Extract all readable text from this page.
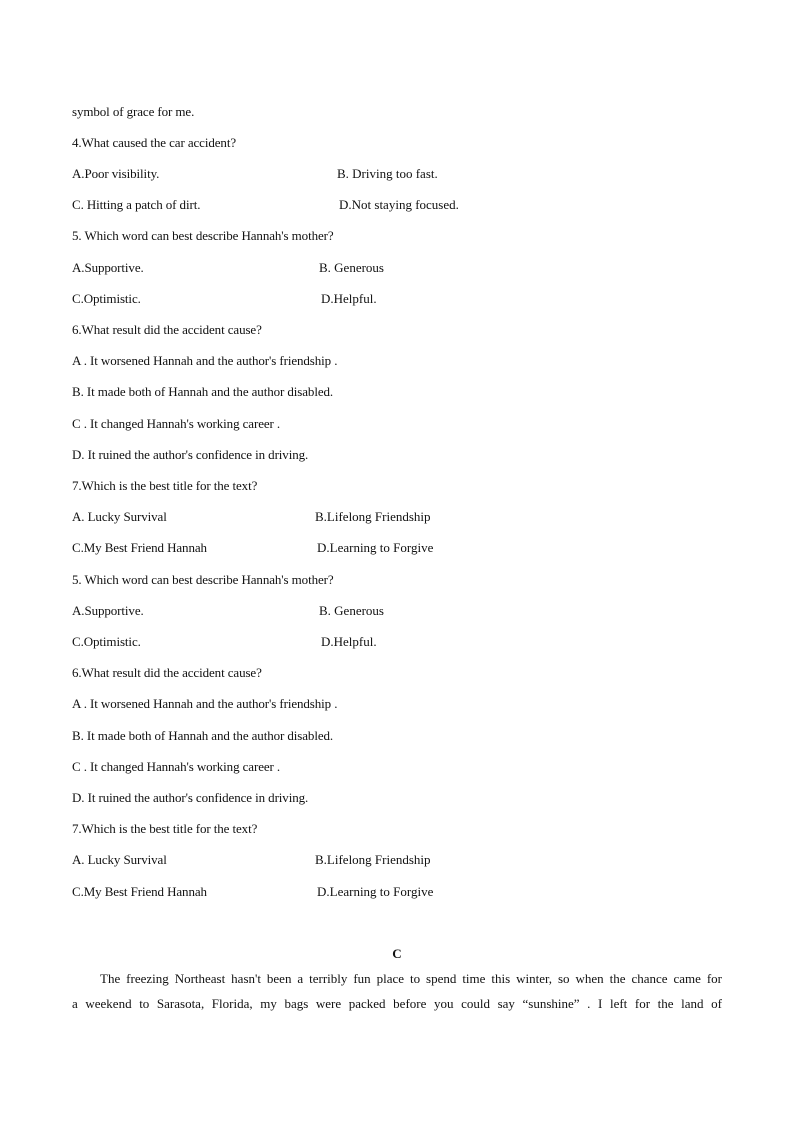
symbol of grace for me.
4.What caused the car accident?
A.Poor visibility.	B. Driving too fast.
C. Hitting a patch of dirt.	D.Not staying focused.
5. Which word can best describe Hannah's mother?
A.Supportive.	B. Generous
C.Optimistic.	D.Helpful.
6.What result did the accident cause?
A . It worsened Hannah and the author's friendship .
B. It made both of Hannah and the author disabled.
C . It changed Hannah's working career .
D. It ruined the author's confidence in driving.
7.Which is the best title for the text?
A. Lucky Survival	B.Lifelong Friendship
C.My Best Friend Hannah	D.Learning to Forgive
5. Which word can best describe Hannah's mother?
A.Supportive.	B. Generous
C.Optimistic.	D.Helpful.
6.What result did the accident cause?
A . It worsened Hannah and the author's friendship .
B. It made both of Hannah and the author disabled.
C . It changed Hannah's working career .
D. It ruined the author's confidence in driving.
7.Which is the best title for the text?
A. Lucky Survival	B.Lifelong Friendship
C.My Best Friend Hannah	D.Learning to Forgive
C
The freezing Northeast hasn't been a terribly fun place to spend time this winter, so when the chance came for
a weekend to Sarasota, Florida, my bags were packed before you could say “sunshine” . I left for the land of
